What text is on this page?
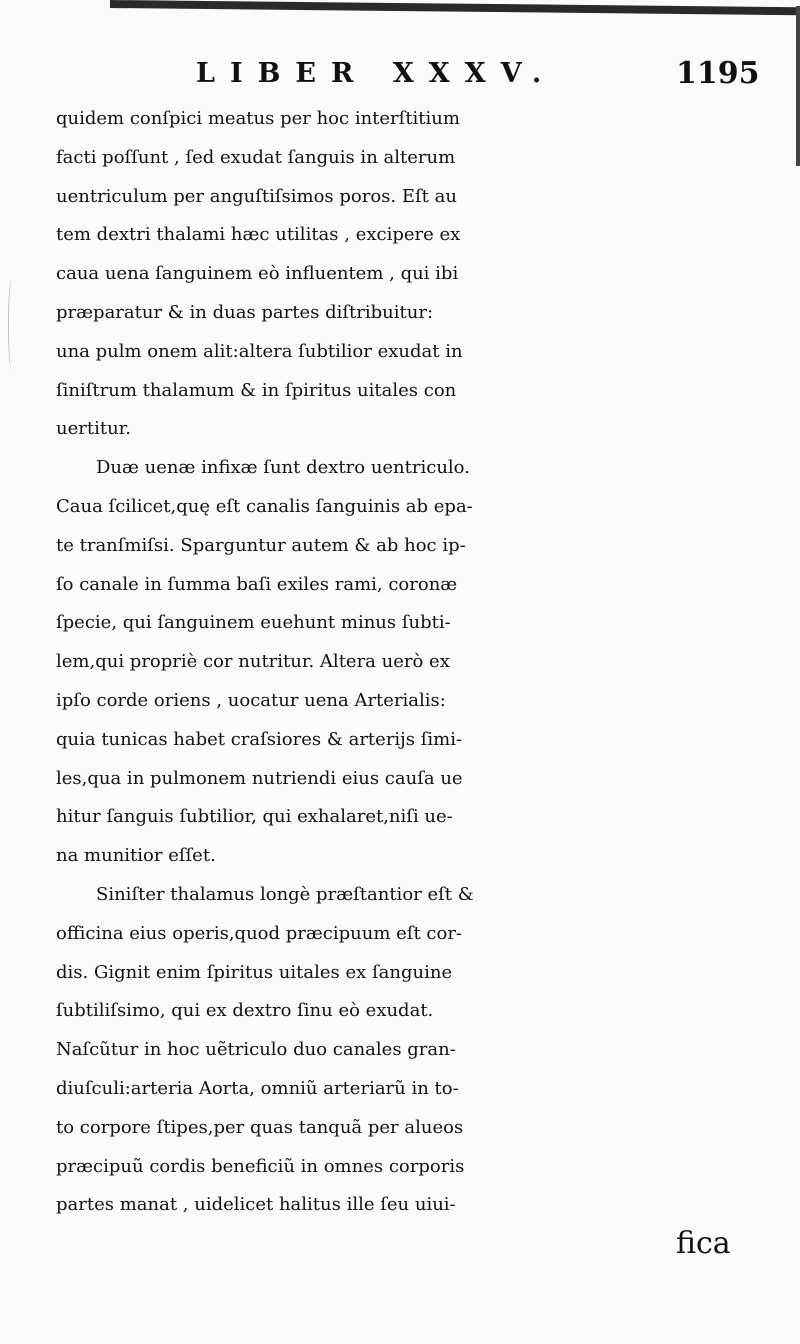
LIBER XXXV.	1195
quidem conſpici meatus per hoc interſtitium
facti poſſunt , ſed exudat ſanguis in alterum
uentriculum per anguſtiſsimos poros. Eſt au
tem dextri thalami hæc utilitas , excipere ex
caua uena ſanguinem eò influentem , qui ibi
præparatur & in duas partes diſtribuitur:
una pulm onem alit:altera ſubtilior exudat in
ſiniſtrum thalamum & in ſpiritus uitales con
uertitur.
Duæ uenæ infixæ ſunt dextro uentriculo.
Caua ſcilicet,quę eſt canalis ſanguinis ab epa-
te tranſmiſsi. Sparguntur autem & ab hoc ip-
ſo canale in ſumma baſi exiles rami, coronæ
ſpecie, qui ſanguinem euehunt minus ſubti-
lem,qui propriè cor nutritur. Altera uerò ex
ipſo corde oriens , uocatur uena Arterialis:
quia tunicas habet craſsiores & arterijs ſimi-
les,qua in pulmonem nutriendi eius cauſa ue
hitur ſanguis ſubtilior, qui exhalaret,niſi ue-
na munitior eſſet.
Siniſter thalamus longè præſtantior eſt &
officina eius operis,quod præcipuum eſt cor-
dis. Gignit enim ſpiritus uitales ex ſanguine
ſubtiliſsimo, qui ex dextro ſinu eò exudat.
Naſcũtur in hoc uẽtriculo duo canales gran-
diuſculi:arteria Aorta, omniũ arteriarũ in to-
to corpore ſtipes,per quas tanquã per alueos
præcipuũ cordis beneficiũ in omnes corporis
partes manat , uidelicet halitus ille ſeu uiui-
fica
